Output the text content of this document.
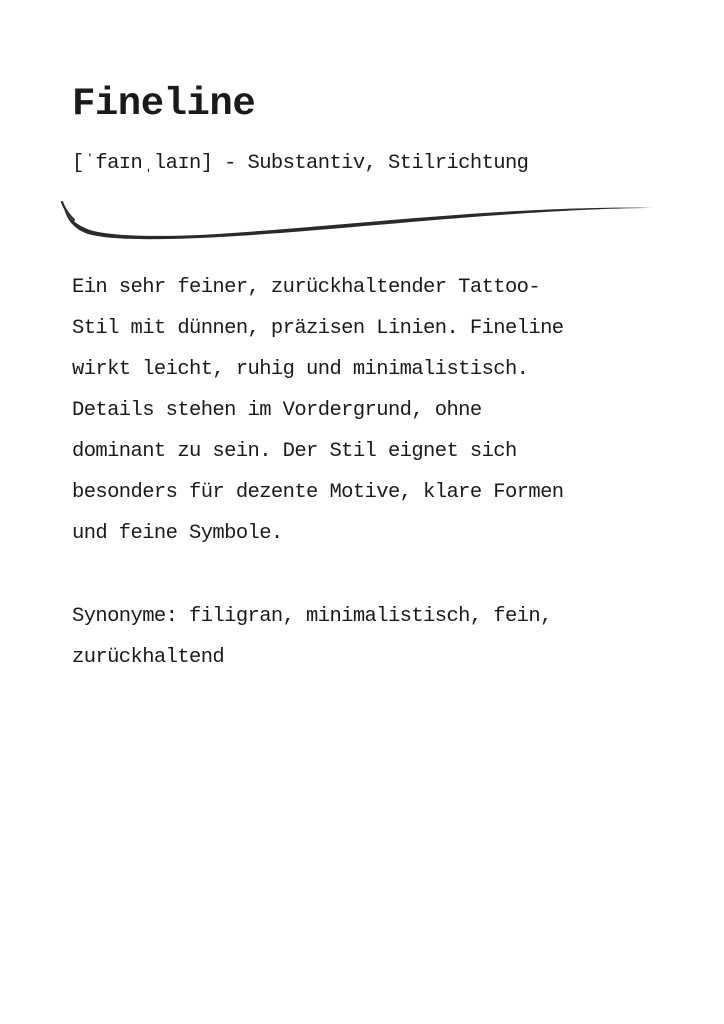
Fineline

[ˈfaɪnˌlaɪn] - Substantiv, Stilrichtung

Ein sehr feiner, zurückhaltender Tattoo-
Stil mit dünnen, präzisen Linien. Fineline
wirkt leicht, ruhig und minimalistisch.
Details stehen im Vordergrund, ohne
dominant zu sein. Der Stil eignet sich
besonders für dezente Motive, klare Formen
und feine Symbole.

Synonyme: filigran, minimalistisch, fein,
zurückhaltend
